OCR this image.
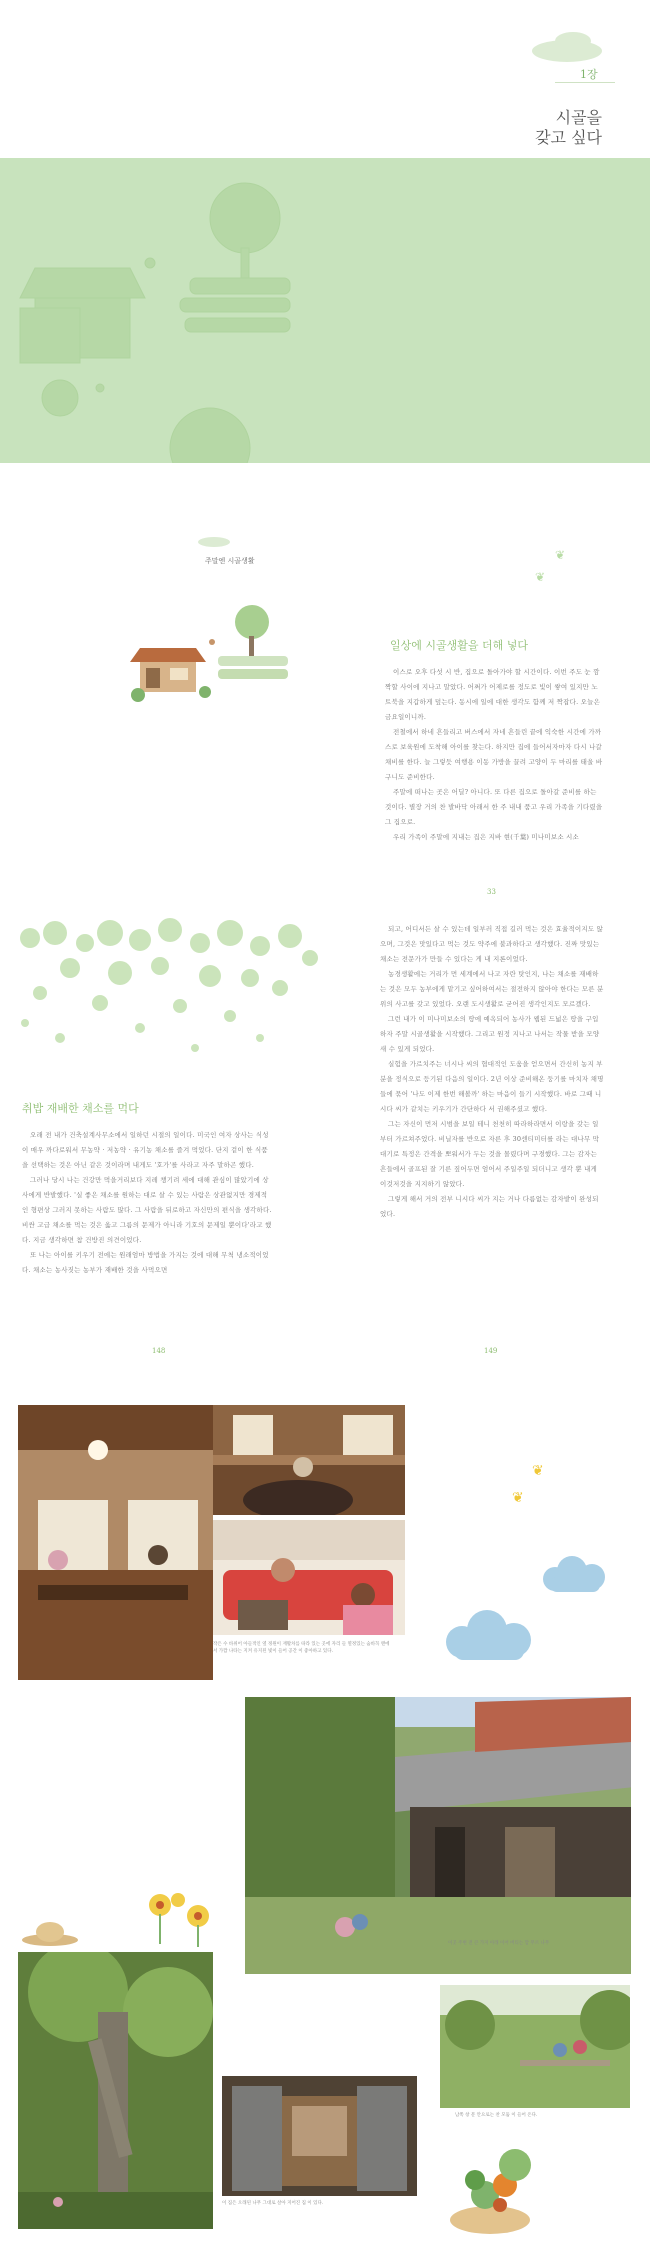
1장
시골을
갖고 싶다
주말엔 시골생활	❦
❦
일상에 시골생활을 더해 넣다

이스로 오후 다섯 시 반, 집으로 돌아가야 할 시간이다. 이번 주도 눈 깜짝할 사이에 지나고 말았다. 어쩌가 어제로를 정도로 빛이 쌓여 있지만 노트북을 지갑하게 덮는다. 동시에 일에 대한 생각도 함께 저 짝잡다. 오늘은 금요일이니까.

전철에서 하네 흔들리고 버스에서 자네 흔들린 끝에 익숙한 시간에 가까스로 보육원에 도착해 아이를 찾는다. 하지만 집에 들어서자마자 다시 나갈 채비를 한다. 늘 그렇듯 여행용 이동 가방을 끌려 고양이 두 마리를 태울 바구니도 준비한다.

주말에 떠나는 곳은 어딜? 아니다. 또 다른 집으로 돌아갈 준비를 하는 것이다. 별장 거의 찬 발바닥 아래서 한 주 내내 품고 우리 가족을 기다렸을 그 집으로.

우리 가족이 주말에 지내는 집은 지바 현(千葉) 미나미보소 시소

33
취밥 재배한 채소를 먹다

오래 전 내가 건축설계사무소에서 일하던 시절의 일이다. 미국인 여자 상사는 식성이 매우 까다로워서 무농약 · 저농약 · 유기농 채소를 즐겨 먹었다. 단지 겉이 한 식품을 선택하는 것은 아닌 같은 것이라며 내게도 '호가'를 사라고 자주 말하곤 했다.

그러나 당시 나는 건강만 먹을거리보다 지레 챙기려 세에 대해 관심이 많았기에 상사에게 반발했다. '실 좋은 채소를 원하는 대로 살 수 있는 사람은 상관없지만 경제적인 형편상 그러지 못하는 사람도 많다. 그 사람을 뒤로하고 자신만의 편식을 생각하다. 비싼 고급 채소를 먹는 것은 옳고 그름의 문제가 아니라 기호의 문제일 뿐이다'라고 했다. 지금 생각하면 참 건방진 의견이었다.

또 나는 아이를 키우기 전에는 원래엄마 방법을 가지는 것에 대해 무척 냉소적이었다. 채소는 농사짓는 농부가 재배한 것을 사먹으면

148

되고, 어디서든 살 수 있는데 일부러 직접 길러 먹는 것은 효율적이지도 않으며, 그것은 맛있다고 먹는 것도 약주에 불과하다고 생각했다. 진짜 맛있는 채소는 전문가가 만들 수 있다는 게 내 지론이었다.

농경생활에는 거리가 먼 세계에서 나고 자란 탓인지, 나는 채소를 재배하는 것은 모두 농부에게 맡기고 싶어하여서는 절전하지 않아야 한다는 모른 분위의 사고를 갖고 있었다. 오랜 도시생활로 굳어진 생각인지도 모르겠다.

그런 내가 이 미나미보소의 땅에 예옥되어 농사가 웹된 드넓은 땅을 구입하자 주말 시골생활을 시작했다. 그리고 원정 지나고 나서는 작물 받을 모양새 수 있게 되었다.

실험을 가르치주는 너시나 씨의 협대적인 도움을 얻으면서 간신히 농지 부분을 정식으로 등기된 다음의 일이다. 2년 이상 준비해온 둥기를 마치자 채명들에 묶어 '나도 이제 한번 해볼까' 하는 마음이 들기 시작했다. 바로 그때 니시다 씨가 같치는 키우기가 간단하다 서 권해주셨고 했다.

그는 자신이 먼저 시범을 보일 테니 천천히 따라하라면서 이랑을 갖는 일부터 가르쳐주었다. 비닐자를 반으로 자른 후 30센티미터를 라는 대나무 막대기로 특정은 간격을 뽀워서가 두는 것을 몰렸다며 구경했다. 그는 감자는 흔들에서 골프된 잘 기른 짚어두면 엄어서 주일주일 되더니고 생각 뿐 내게 이것저것을 지지하기 않았다.

그렇게 해서 거의 전부 니시다 씨가 지는 거나 다름없는 감자밭이 완성되었다.

149
작은 수 바위어 아들적인 옆 정원이 재활차를 따라 있는 곳에 자리 들 열정있는 숨바꼭 맨에서 가깝 나타는 지켜 유지된 빛이 들어 공간 이 좋아하고 있다.
❦
❦
이곳 주변 전 큰 가지 아래 이어 버티는 맘 무르 나무
이 집은 오래된 나무 그대로 살아 지어진 집 이 있다.
남쪽 창 문 안으로는 찬 모둠 이 들어 온다.
